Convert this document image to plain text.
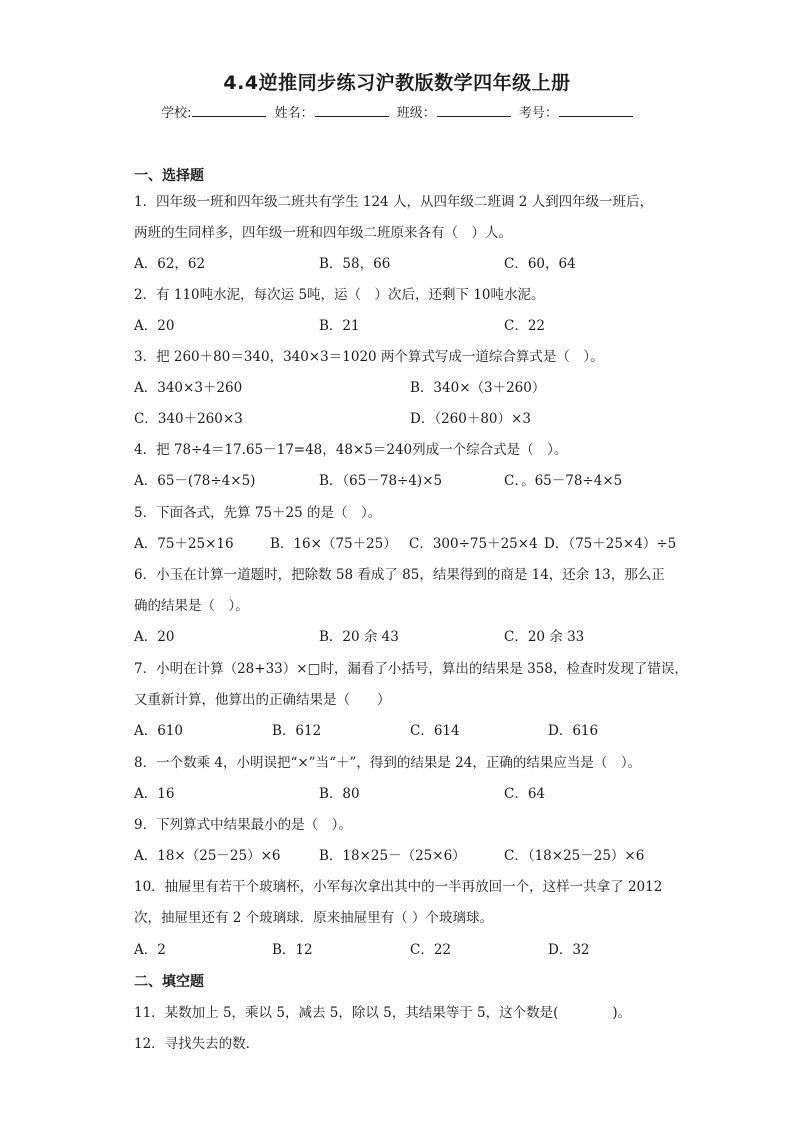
4.4逆推同步练习沪教版数学四年级上册
学校:	姓名：	班级：	考号：
一、选择题
1．四年级一班和四年级二班共有学生 124 人，从四年级二班调 2 人到四年级一班后，
两班的生同样多，四年级一班和四年级二班原来各有（　）人。
A．62，62	B．58，66	C．60，64
2．有 110吨水泥，每次运 5吨，运（　）次后，还剩下 10吨水泥。
A．20	B．21	C．22
3．把 260＋80＝340，340×3＝1020 两个算式写成一道综合算式是（　）。
A．340×3＋260	B．340×（3＋260）
C．340＋260×3	D．（260＋80）×3
4．把 78÷4＝17.65－17=48，48×5＝240列成一个综合式是（　）。
A．65－(78÷4×5)	B．（65－78÷4)×5	C．。65－78÷4×5
5．下面各式，先算 75＋25 的是（　）。
A．75＋25×16	B．16×（75＋25） C．300÷75＋25×4 D．（75＋25×4）÷5
6．小玉在计算一道题时，把除数 58 看成了 85，结果得到的商是 14，还余 13，那么正
确的结果是（　）。
A．20	B．20 余 43	C．20 余 33
7．小明在计算（28+33）×□时，漏看了小括号，算出的结果是 358，检查时发现了错误，
又重新计算，他算出的正确结果是（　　）
A．610	B．612	C．614	D．616
8．一个数乘 4，小明误把“×”当“＋”，得到的结果是 24，正确的结果应当是（　）。
A．16	B．80	C．64
9．下列算式中结果最小的是（　）。
A．18×（25－25）×6	B．18×25－（25×6）	C．（18×25－25）×6
10．抽屉里有若干个玻璃杯，小军每次拿出其中的一半再放回一个，这样一共拿了 2012
次，抽屉里还有 2 个玻璃球．原来抽屉里有（ ）个玻璃球。
A．2	B．12	C．22	D．32
二、填空题
11．某数加上 5，乘以 5，减去 5，除以 5，其结果等于 5，这个数是(　　　　)。
12．寻找失去的数．
